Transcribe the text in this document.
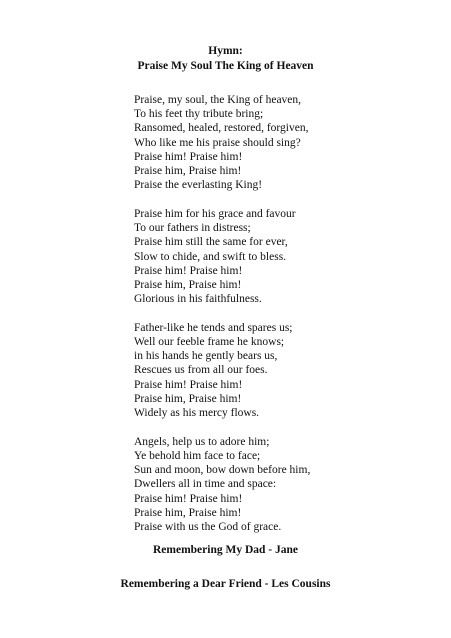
Hymn:
Praise My Soul The King of Heaven
Praise, my soul, the King of heaven,
To his feet thy tribute bring;
Ransomed, healed, restored, forgiven,
Who like me his praise should sing?
Praise him! Praise him!
Praise him, Praise him!
Praise the everlasting King!
Praise him for his grace and favour
To our fathers in distress;
Praise him still the same for ever,
Slow to chide, and swift to bless.
Praise him! Praise him!
Praise him, Praise him!
Glorious in his faithfulness.
Father-like he tends and spares us;
Well our feeble frame he knows;
in his hands he gently bears us,
Rescues us from all our foes.
Praise him! Praise him!
Praise him, Praise him!
Widely as his mercy flows.
Angels, help us to adore him;
Ye behold him face to face;
Sun and moon, bow down before him,
Dwellers all in time and space:
Praise him! Praise him!
Praise him, Praise him!
Praise with us the God of grace.
Remembering My Dad - Jane
Remembering a Dear Friend - Les Cousins
